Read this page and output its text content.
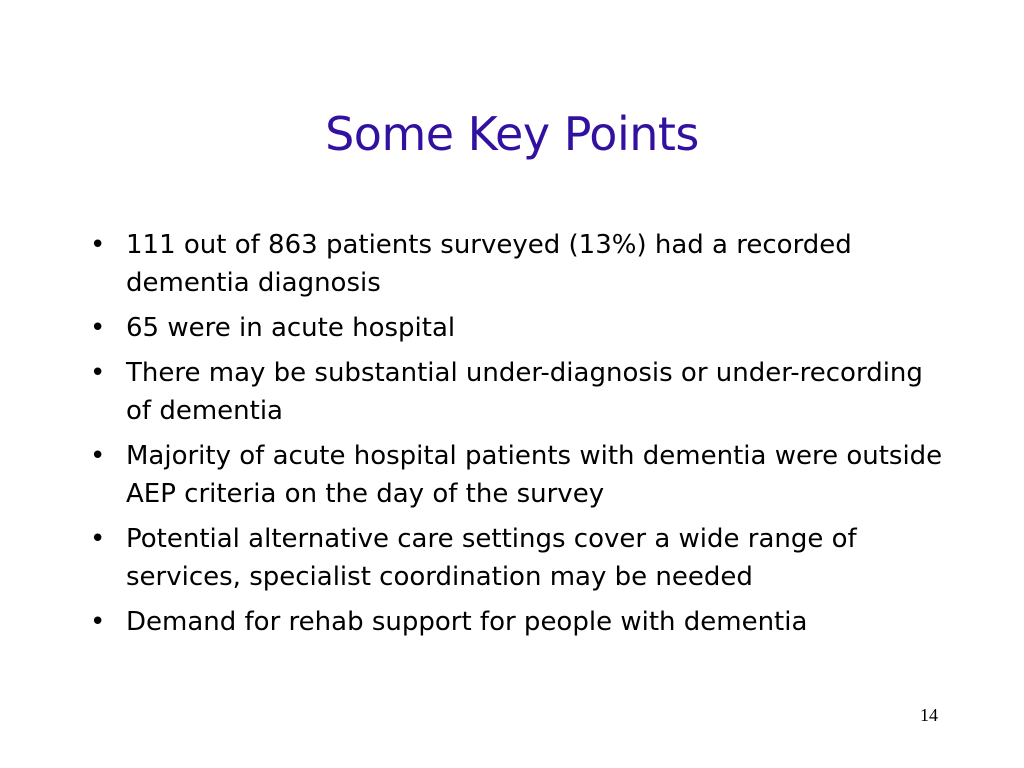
Some Key Points
• 111 out of 863 patients surveyed (13%) had a recorded dementia diagnosis
• 65 were in acute hospital
• There may be substantial under-diagnosis or under-recording of dementia
• Majority of acute hospital patients with dementia were outside AEP criteria on the day of the survey
• Potential alternative care settings cover a wide range of services, specialist coordination may be needed
• Demand for rehab support for people with dementia
14
